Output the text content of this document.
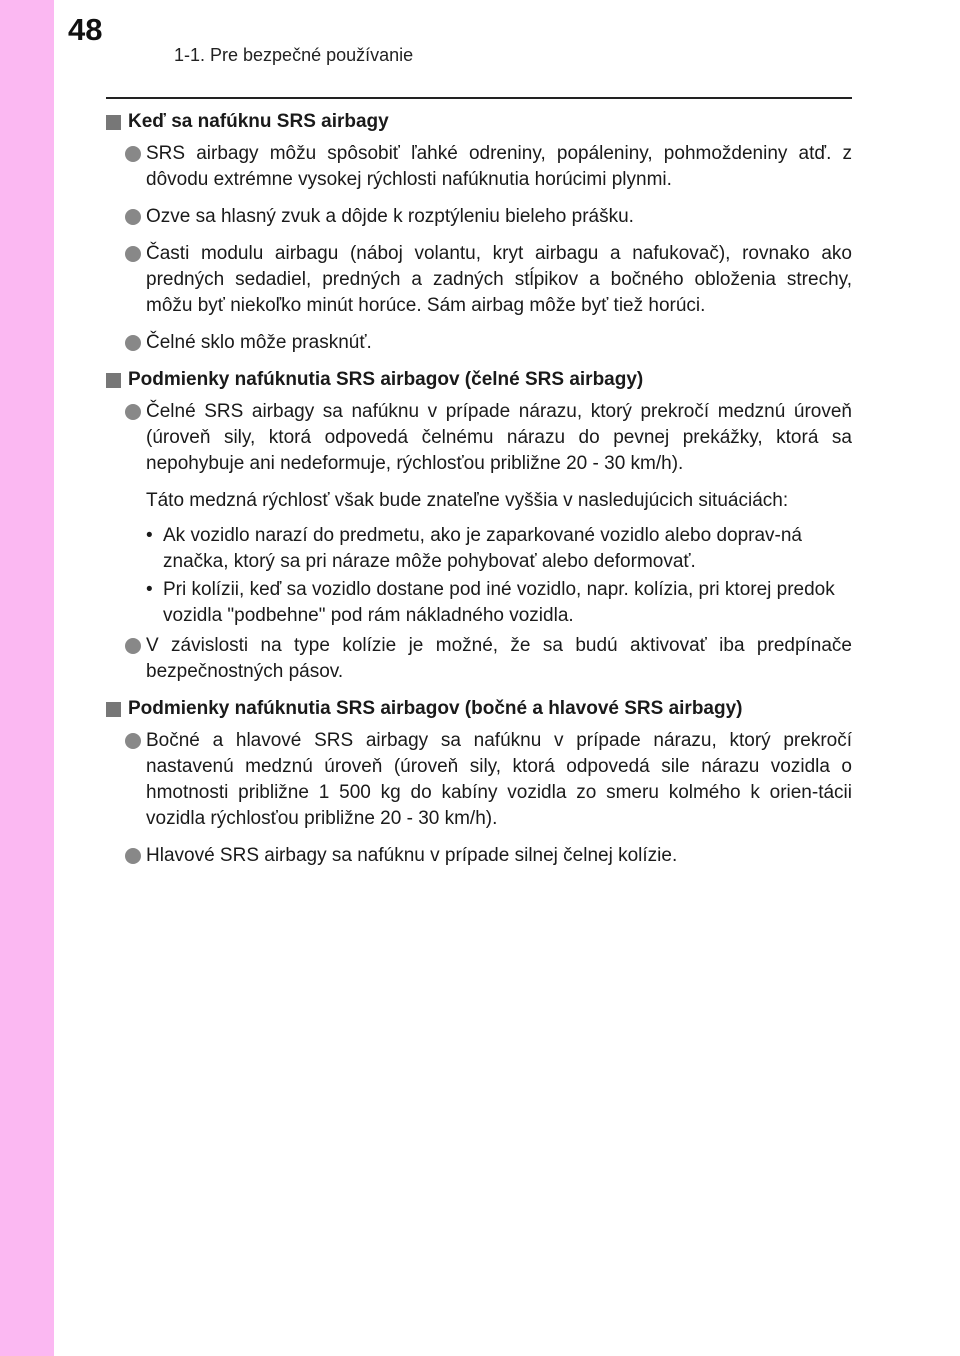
48
1-1. Pre bezpečné používanie
Keď sa nafúknu SRS airbagy
SRS airbagy môžu spôsobiť ľahké odreniny, popáleniny, pohmoždeniny atď. z dôvodu extrémne vysokej rýchlosti nafúknutia horúcimi plynmi.
Ozve sa hlasný zvuk a dôjde k rozptýleniu bieleho prášku.
Časti modulu airbagu (náboj volantu, kryt airbagu a nafukovač), rovnako ako predných sedadiel, predných a zadných stĺpikov a bočného obloženia strechy, môžu byť niekoľko minút horúce. Sám airbag môže byť tiež horúci.
Čelné sklo môže prasknúť.
Podmienky nafúknutia SRS airbagov (čelné SRS airbagy)
Čelné SRS airbagy sa nafúknu v prípade nárazu, ktorý prekročí medznú úroveň (úroveň sily, ktorá odpovedá čelnému nárazu do pevnej prekážky, ktorá sa nepohybuje ani nedeformuje, rýchlosťou približne 20 - 30 km/h).
Táto medzná rýchlosť však bude znateľne vyššia v nasledujúcich situáciách:
• Ak vozidlo narazí do predmetu, ako je zaparkované vozidlo alebo doprav-ná značka, ktorý sa pri náraze môže pohybovať alebo deformovať.
• Pri kolízii, keď sa vozidlo dostane pod iné vozidlo, napr. kolízia, pri ktorej predok vozidla "podbehne" pod rám nákladného vozidla.
V závislosti na type kolízie je možné, že sa budú aktivovať iba predpínače bezpečnostných pásov.
Podmienky nafúknutia SRS airbagov (bočné a hlavové SRS airbagy)
Bočné a hlavové SRS airbagy sa nafúknu v prípade nárazu, ktorý prekročí nastavenú medznú úroveň (úroveň sily, ktorá odpovedá sile nárazu vozidla o hmotnosti približne 1 500 kg do kabíny vozidla zo smeru kolmého k orien-tácii vozidla rýchlosťou približne 20 - 30 km/h).
Hlavové SRS airbagy sa nafúknu v prípade silnej čelnej kolízie.
